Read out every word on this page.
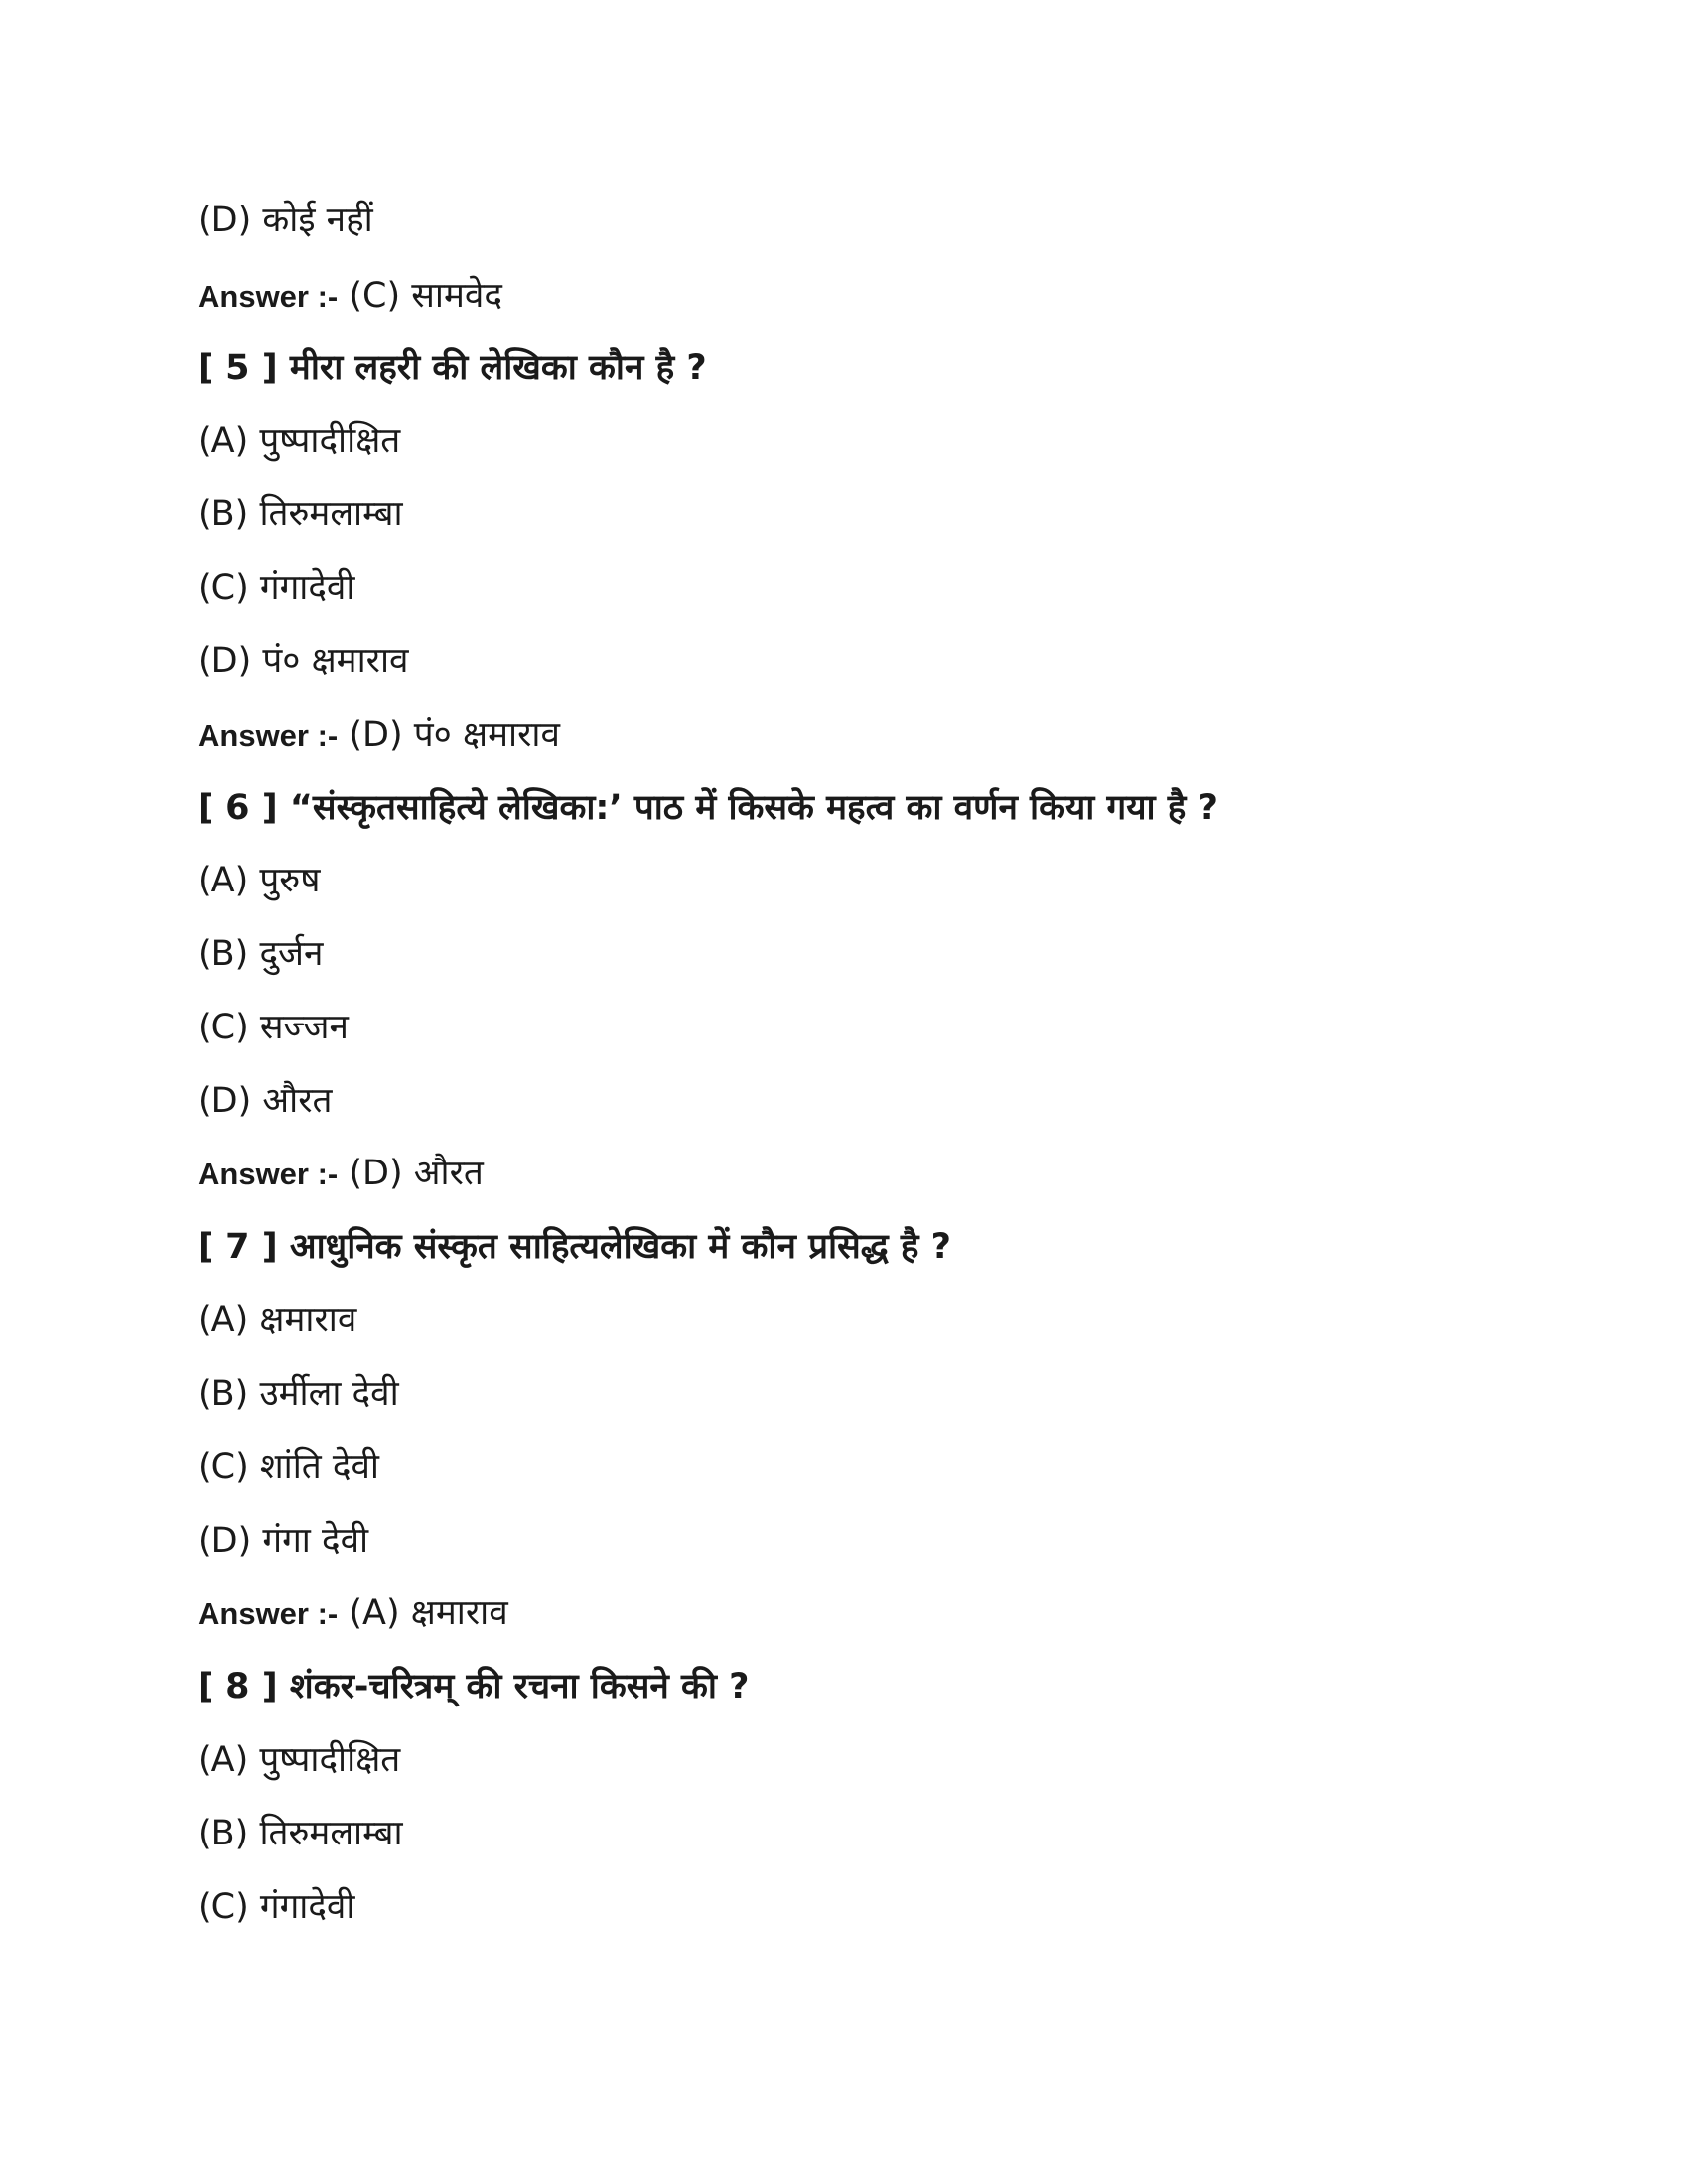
(D) कोई नहीं
Answer :- (C) सामवेद
[ 5 ] मीरा लहरी की लेखिका कौन है ?
(A) पुष्पादीक्षित
(B) तिरुमलाम्बा
(C) गंगादेवी
(D) पं० क्षमाराव
Answer :- (D) पं० क्षमाराव
[ 6 ] “संस्कृतसाहित्ये लेखिका:’ पाठ में किसके महत्व का वर्णन किया गया है ?
(A) पुरुष
(B) दुर्जन
(C) सज्जन
(D) औरत
Answer :- (D) औरत
[ 7 ] आधुनिक संस्कृत साहित्यलेखिका में कौन प्रसिद्ध है ?
(A) क्षमाराव
(B) उर्मीला देवी
(C) शांति देवी
(D) गंगा देवी
Answer :- (A) क्षमाराव
[ 8 ] शंकर-चरित्रम् की रचना किसने की ?
(A) पुष्पादीक्षित
(B) तिरुमलाम्बा
(C) गंगादेवी
